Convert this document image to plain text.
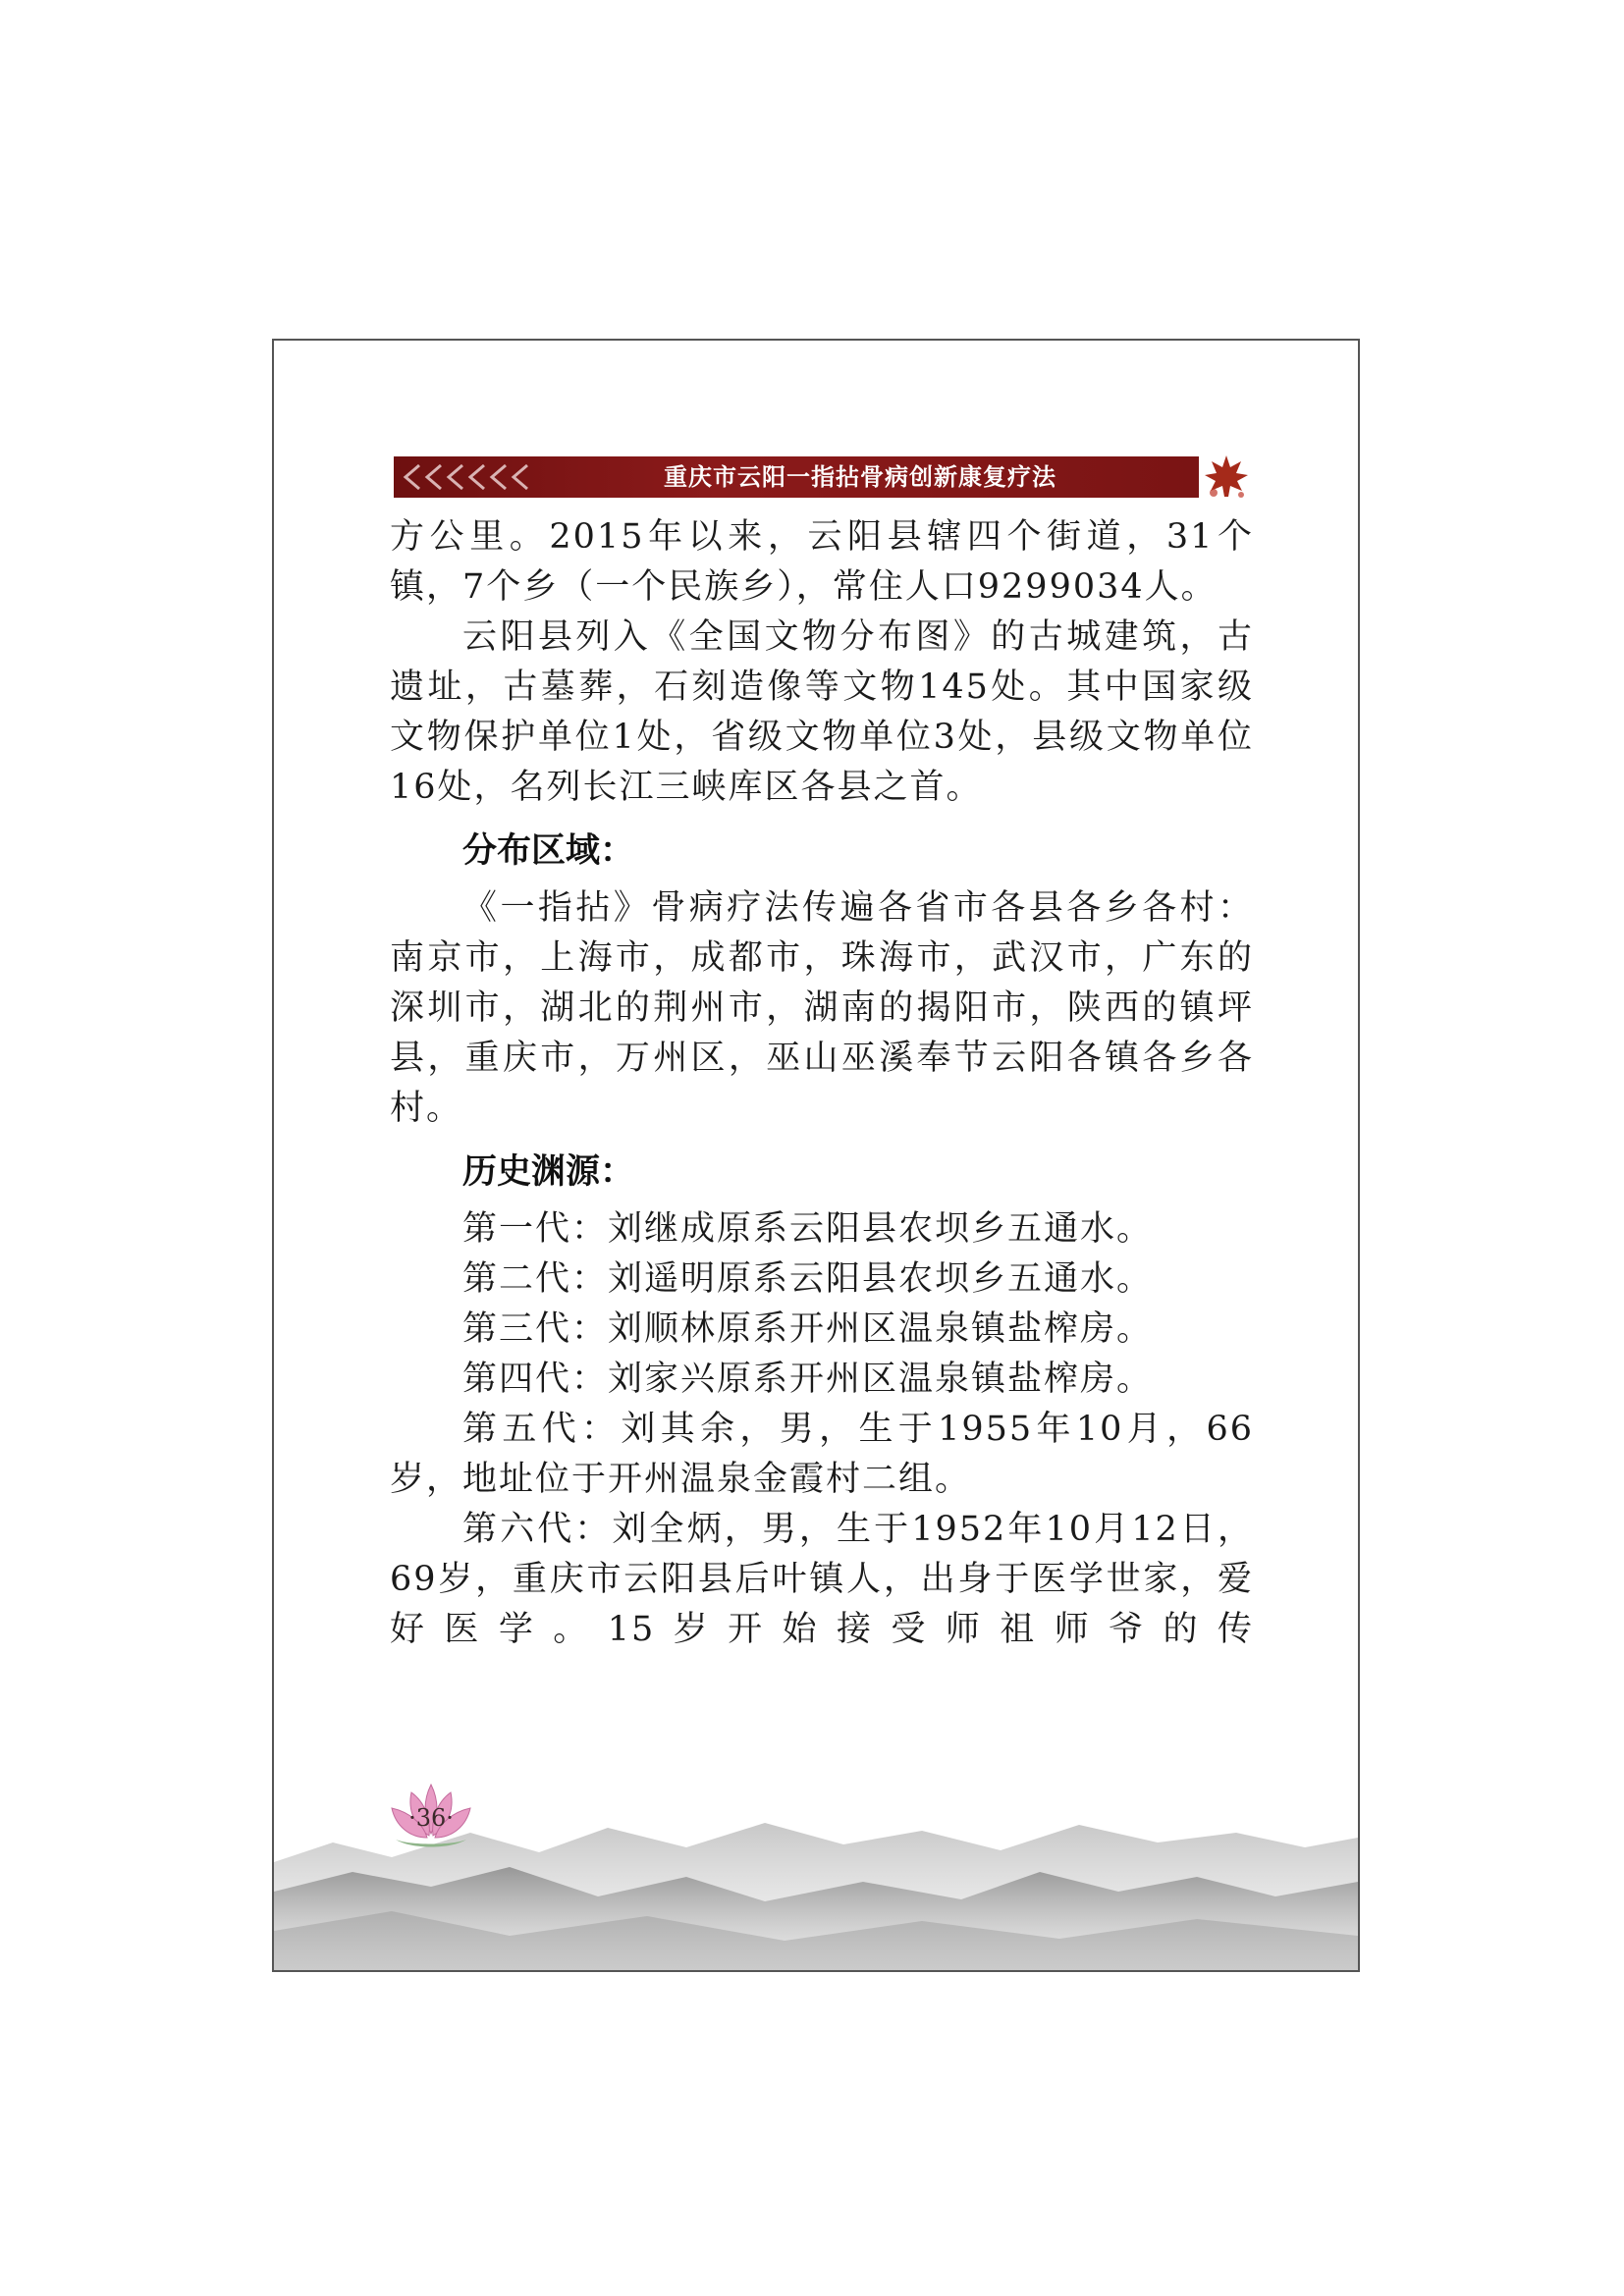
重庆市云阳一指拈骨病创新康复疗法

方公里。2015年以来，云阳县辖四个街道，31个镇，7个乡（一个民族乡），常住人口9299034人。

云阳县列入《全国文物分布图》的古城建筑，古遗址，古墓葬，石刻造像等文物145处。其中国家级文物保护单位1处，省级文物单位3处，县级文物单位16处，名列长江三峡库区各县之首。

分布区域：

《一指拈》骨病疗法传遍各省市各县各乡各村：南京市，上海市，成都市，珠海市，武汉市，广东的深圳市，湖北的荆州市，湖南的揭阳市，陕西的镇坪县，重庆市，万州区，巫山巫溪奉节云阳各镇各乡各村。

历史渊源：

第一代：刘继成原系云阳县农坝乡五通水。

第二代：刘遥明原系云阳县农坝乡五通水。

第三代：刘顺林原系开州区温泉镇盐榨房。

第四代：刘家兴原系开州区温泉镇盐榨房。

第五代：刘其余，男，生于1955年10月，66岁，地址位于开州温泉金霞村二组。

第六代：刘全炳，男，生于1952年10月12日，69岁，重庆市云阳县后叶镇人，出身于医学世家，爱好医学。15岁开始接受师祖师爷的传

·36·
